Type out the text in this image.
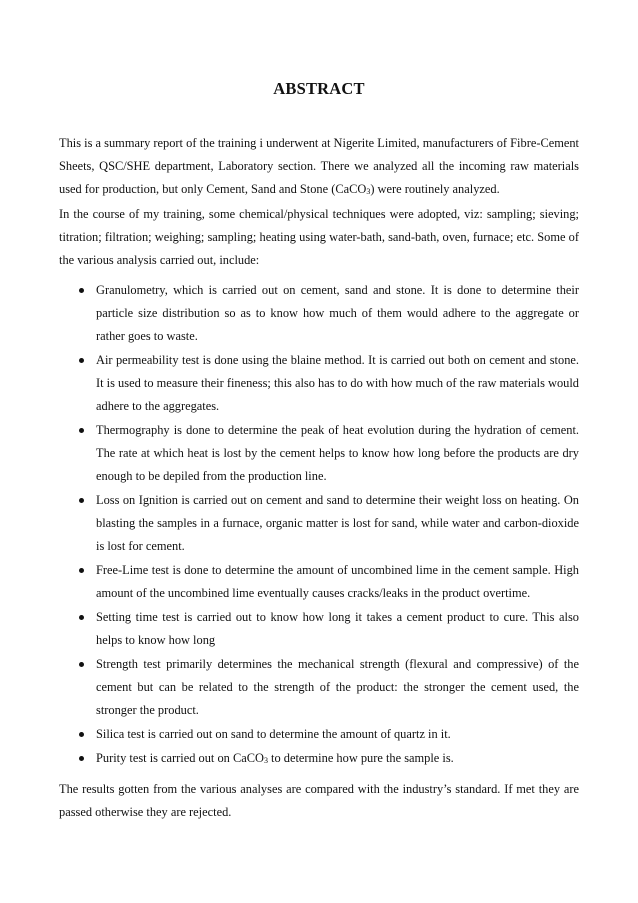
ABSTRACT

This is a summary report of the training i underwent at Nigerite Limited, manufacturers of Fibre-Cement Sheets, QSC/SHE department, Laboratory section. There we analyzed all the incoming raw materials used for production, but only Cement, Sand and Stone (CaCO3) were routinely analyzed.

In the course of my training, some chemical/physical techniques were adopted, viz: sampling; sieving; titration; filtration; weighing; sampling; heating using water-bath, sand-bath, oven, furnace; etc. Some of the various analysis carried out, include:

Granulometry, which is carried out on cement, sand and stone. It is done to determine their particle size distribution so as to know how much of them would adhere to the aggregate or rather goes to waste.
Air permeability test is done using the blaine method. It is carried out both on cement and stone. It is used to measure their fineness; this also has to do with how much of the raw materials would adhere to the aggregates.
Thermography is done to determine the peak of heat evolution during the hydration of cement. The rate at which heat is lost by the cement helps to know how long before the products are dry enough to be depiled from the production line.
Loss on Ignition is carried out on cement and sand to determine their weight loss on heating. On blasting the samples in a furnace, organic matter is lost for sand, while water and carbon-dioxide is lost for cement.
Free-Lime test is done to determine the amount of uncombined lime in the cement sample. High amount of the uncombined lime eventually causes cracks/leaks in the product overtime.
Setting time test is carried out to know how long it takes a cement product to cure. This also helps to know how long
Strength test primarily determines the mechanical strength (flexural and compressive) of the cement but can be related to the strength of the product: the stronger the cement used, the stronger the product.
Silica test is carried out on sand to determine the amount of quartz in it.
Purity test is carried out on CaCO3 to determine how pure the sample is.

The results gotten from the various analyses are compared with the industry’s standard. If met they are passed otherwise they are rejected.
